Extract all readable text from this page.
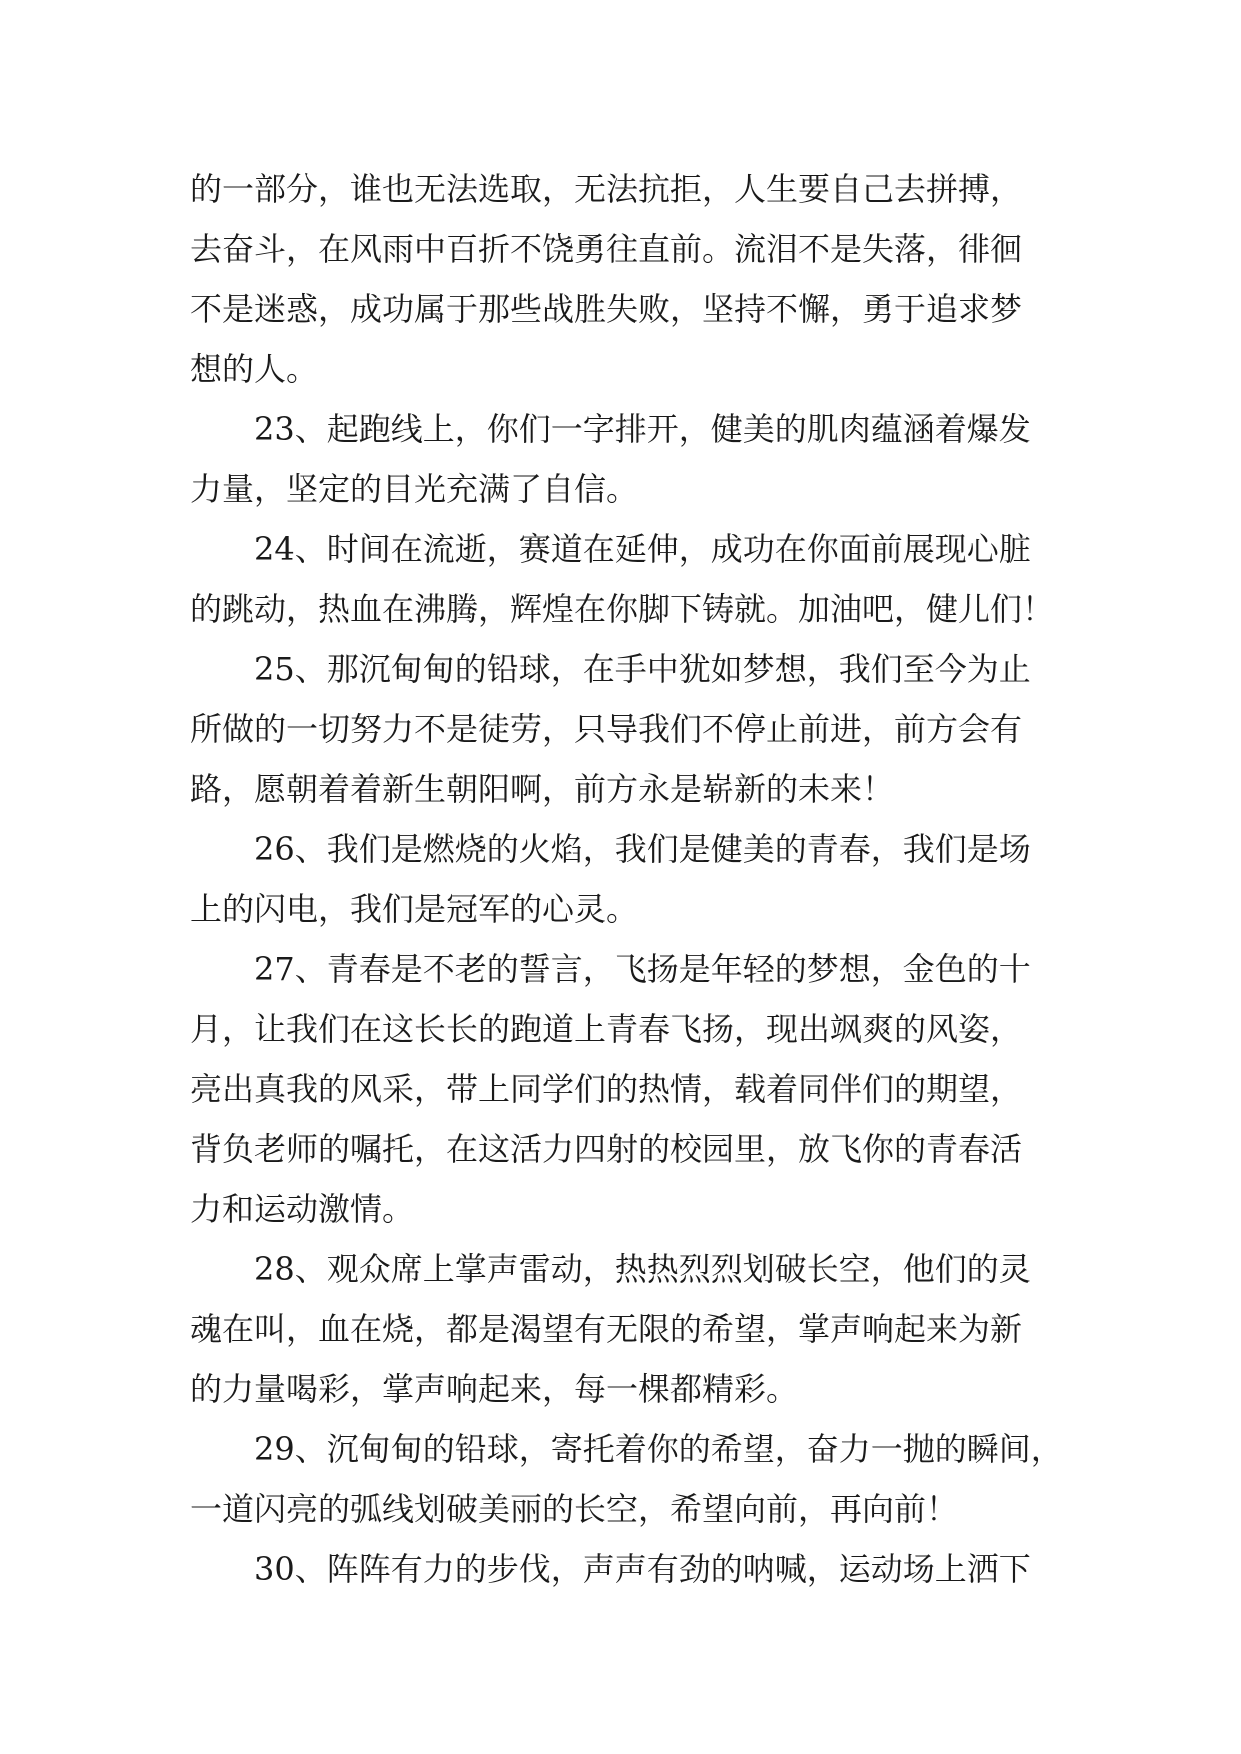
的一部分，谁也无法选取，无法抗拒，人生要自己去拼搏，
去奋斗，在风雨中百折不饶勇往直前。流泪不是失落，徘徊
不是迷惑，成功属于那些战胜失败，坚持不懈，勇于追求梦
想的人。
23、起跑线上，你们一字排开，健美的肌肉蕴涵着爆发
力量，坚定的目光充满了自信。
24、时间在流逝，赛道在延伸，成功在你面前展现心脏
的跳动，热血在沸腾，辉煌在你脚下铸就。加油吧，健儿们！
25、那沉甸甸的铅球，在手中犹如梦想，我们至今为止
所做的一切努力不是徒劳，只导我们不停止前进，前方会有
路，愿朝着着新生朝阳啊，前方永是崭新的未来！
26、我们是燃烧的火焰，我们是健美的青春，我们是场
上的闪电，我们是冠军的心灵。
27、青春是不老的誓言，飞扬是年轻的梦想，金色的十
月，让我们在这长长的跑道上青春飞扬，现出飒爽的风姿，
亮出真我的风采，带上同学们的热情，载着同伴们的期望，
背负老师的嘱托，在这活力四射的校园里，放飞你的青春活
力和运动激情。
28、观众席上掌声雷动，热热烈烈划破长空，他们的灵
魂在叫，血在烧，都是渴望有无限的希望，掌声响起来为新
的力量喝彩，掌声响起来，每一棵都精彩。
29、沉甸甸的铅球，寄托着你的希望，奋力一抛的瞬间，
一道闪亮的弧线划破美丽的长空，希望向前，再向前！
30、阵阵有力的步伐，声声有劲的呐喊，运动场上洒下
